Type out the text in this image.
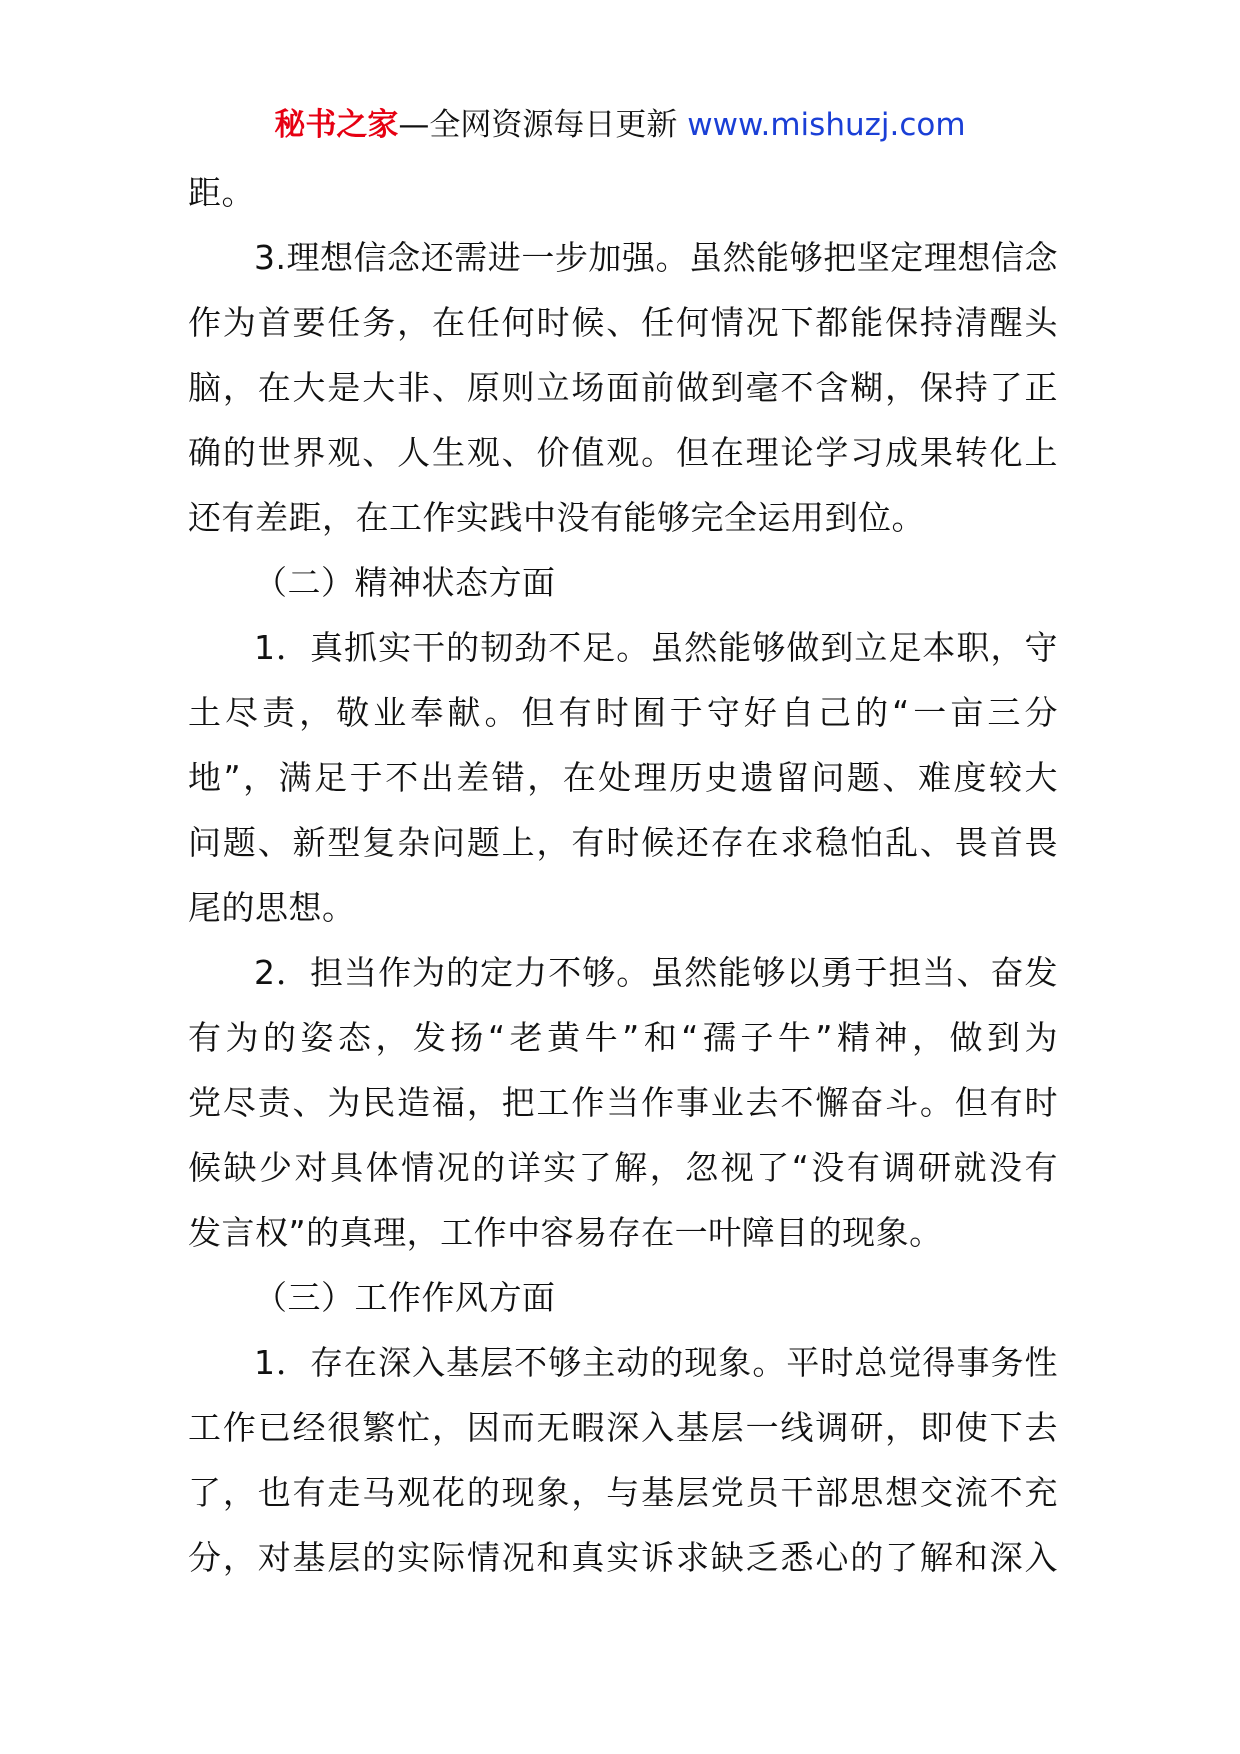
秘书之家—全网资源每日更新 www.mishuzj.com
距。
3.理想信念还需进一步加强。虽然能够把坚定理想信念
作为首要任务，在任何时候、任何情况下都能保持清醒头
脑，在大是大非、原则立场面前做到毫不含糊，保持了正
确的世界观、人生观、价值观。但在理论学习成果转化上
还有差距，在工作实践中没有能够完全运用到位。
（二）精神状态方面
1．真抓实干的韧劲不足。虽然能够做到立足本职，守
土尽责，敬业奉献。但有时囿于守好自己的“一亩三分
地”，满足于不出差错，在处理历史遗留问题、难度较大
问题、新型复杂问题上，有时候还存在求稳怕乱、畏首畏
尾的思想。
2．担当作为的定力不够。虽然能够以勇于担当、奋发
有为的姿态，发扬“老黄牛”和“孺子牛”精神，做到为
党尽责、为民造福，把工作当作事业去不懈奋斗。但有时
候缺少对具体情况的详实了解，忽视了“没有调研就没有
发言权”的真理，工作中容易存在一叶障目的现象。
（三）工作作风方面
1．存在深入基层不够主动的现象。平时总觉得事务性
工作已经很繁忙，因而无暇深入基层一线调研，即使下去
了，也有走马观花的现象，与基层党员干部思想交流不充
分，对基层的实际情况和真实诉求缺乏悉心的了解和深入
